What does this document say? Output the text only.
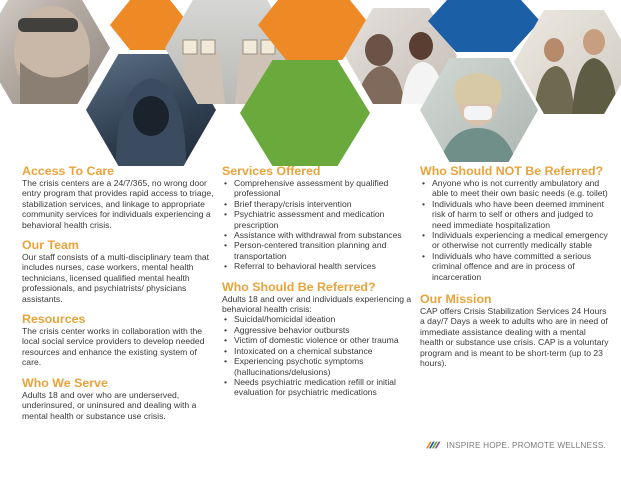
Access To Care
The crisis centers are a 24/7/365, no wrong door entry program that provides rapid access to triage, stabilization services, and linkage to appropriate community services for individuals experiencing a behavioral health crisis.
Our Team
Our staff consists of a multi-disciplinary team that includes nurses, case workers, mental health technicians, licensed qualified mental health professionals, and psychiatrists/ physicians assistants.
Resources
The crisis center works in collaboration with the local social service providers to develop needed resources and enhance the existing system of care.
Who We Serve
Adults 18 and over who are underserved, underinsured, or uninsured and dealing with a mental health or substance use crisis.
Services Offered
• Comprehensive assessment by qualified professional
• Brief therapy/crisis intervention
• Psychiatric assessment and medication prescription
• Assistance with withdrawal from substances
• Person-centered transition planning and transportation
• Referral to behavioral health services
Who Should Be Referred?
Adults 18 and over and individuals experiencing a behavioral health crisis:
• Suicidal/homicidal ideation
• Aggressive behavior outbursts
• Victim of domestic violence or other trauma
• Intoxicated on a chemical substance
• Experiencing psychotic symptoms (hallucinations/delusions)
• Needs psychiatric medication refill or initial evaluation for psychiatric medications
Who Should NOT Be Referred?
• Anyone who is not currently ambulatory and able to meet their own basic needs (e.g. toilet)
• Individuals who have been deemed imminent risk of harm to self or others and judged to need immediate hospitalization
• Individuals experiencing a medical emergency or otherwise not currently medically stable
• Individuals who have committed a serious criminal offence and are in process of incarceration
Our Mission
CAP offers Crisis Stabilization Services 24 Hours a day/7 Days a week to adults who are in need of immediate assistance dealing with a mental health or substance use crisis. CAP is a voluntary program and is meant to be short-term (up to 23 hours).
INSPIRE HOPE. PROMOTE WELLNESS.
